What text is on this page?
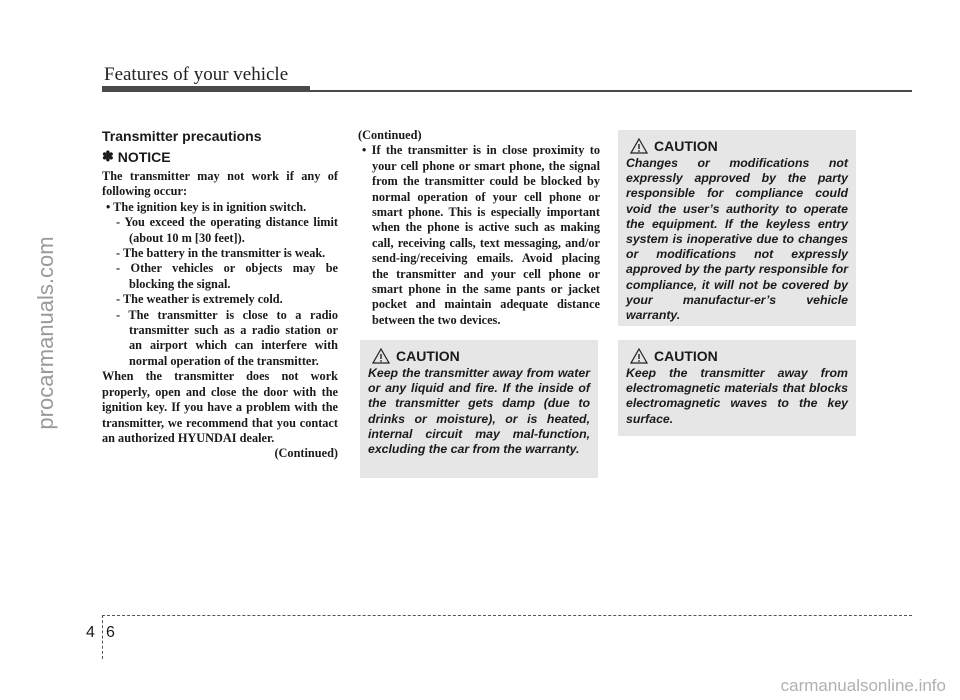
procarmanuals.com
carmanualsonline.info
Features of your vehicle
Transmitter precautions
✽ NOTICE

The transmitter may not work if any of following occur:

• The ignition key is in ignition switch.

- You exceed the operating distance limit (about 10 m [30 feet]).

- The battery in the transmitter is weak.

- Other vehicles or objects may be blocking the signal.

- The weather is extremely cold.

- The transmitter is close to a radio transmitter such as a radio station or an airport which can interfere with normal operation of the transmitter.

When the transmitter does not work properly, open and close the door with the ignition key. If you have a problem with the transmitter, we recommend that you contact an authorized HYUNDAI dealer.

(Continued)

(Continued)

• If the transmitter is in close proximity to your cell phone or smart phone, the signal from the transmitter could be blocked by normal operation of your cell phone or smart phone. This is especially important when the phone is active such as making call, receiving calls, text messaging, and/or send-ing/receiving emails. Avoid placing the transmitter and your cell phone or smart phone in the same pants or jacket pocket and maintain adequate distance between the two devices.

CAUTION

Keep the transmitter away from water or any liquid and fire. If the inside of the transmitter gets damp (due to drinks or moisture), or is heated, internal circuit may mal-function, excluding the car from the warranty.

CAUTION

Changes or modifications not expressly approved by the party responsible for compliance could void the user’s authority to operate the equipment. If the keyless entry system is inoperative due to changes or modifications not expressly approved by the party responsible for compliance, it will not be covered by your manufactur-er’s vehicle warranty.

CAUTION

Keep the transmitter away from electromagnetic materials that blocks electromagnetic waves to the key surface.

4 6
